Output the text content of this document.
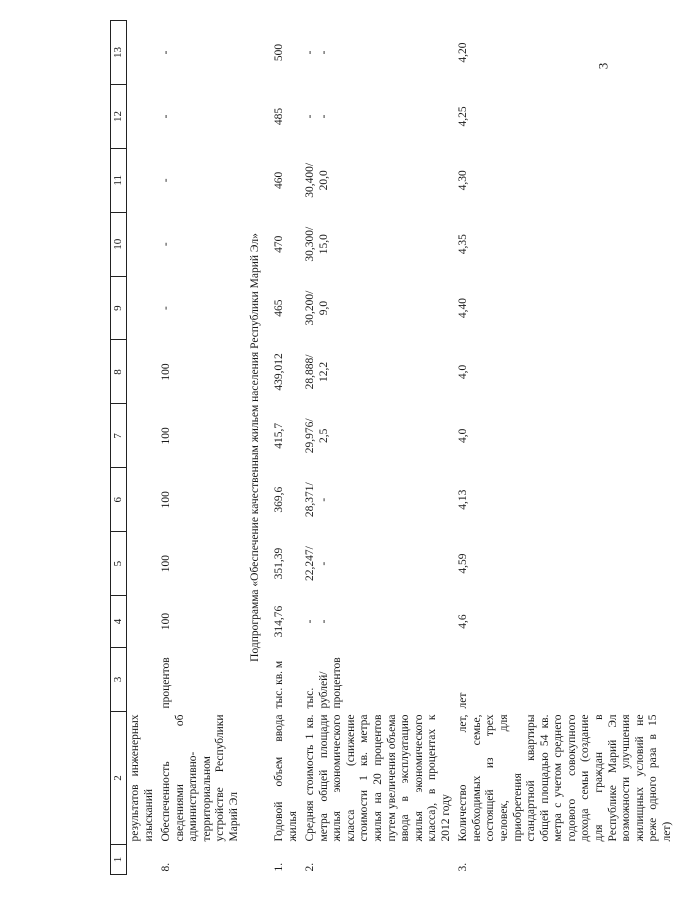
3
1	2	3	4	5	6	7	8	9	10	11	12	13
	результатов инженерных изысканий											
8.	Обеспеченность сведениями об административно-территориальном устройстве Республики Марий Эл	процентов	100	100	100	100	100	-	-	-	-	-
Подпрограмма «Обеспечение качественным жильем населения Республики Марий Эл»												
1.	Годовой объем ввода жилья	тыс. кв. м	314,76	351,39	369,6	415,7	439,012	465	470	460	485	500
2.	Средняя стоимость 1 кв. метра общей площади жилья экономического класса (снижение стоимости 1 кв. метра жилья на 20 процентов путем увеличения объема ввода в эксплуатацию жилья экономического класса), в процентах к 2012 году	тыс. рублей/ процентов	- -	22,247/ -	28,371/ -	29,976/ 2,5	28,888/ 12,2	30,200/ 9,0	30,300/ 15,0	30,400/ 20,0	- -	- -
3.	Количество лет, необходимых семье, состоящей из трех человек, для приобретения стандартной квартиры общей площадью 54 кв. метра с учетом среднего годового совокупного дохода семьи (создание для граждан в Республике Марий Эл возможности улучшения жилищных условий не реже одного раза в 15 лет)	лет	4,6	4,59	4,13	4,0	4,0	4,40	4,35	4,30	4,25	4,20
